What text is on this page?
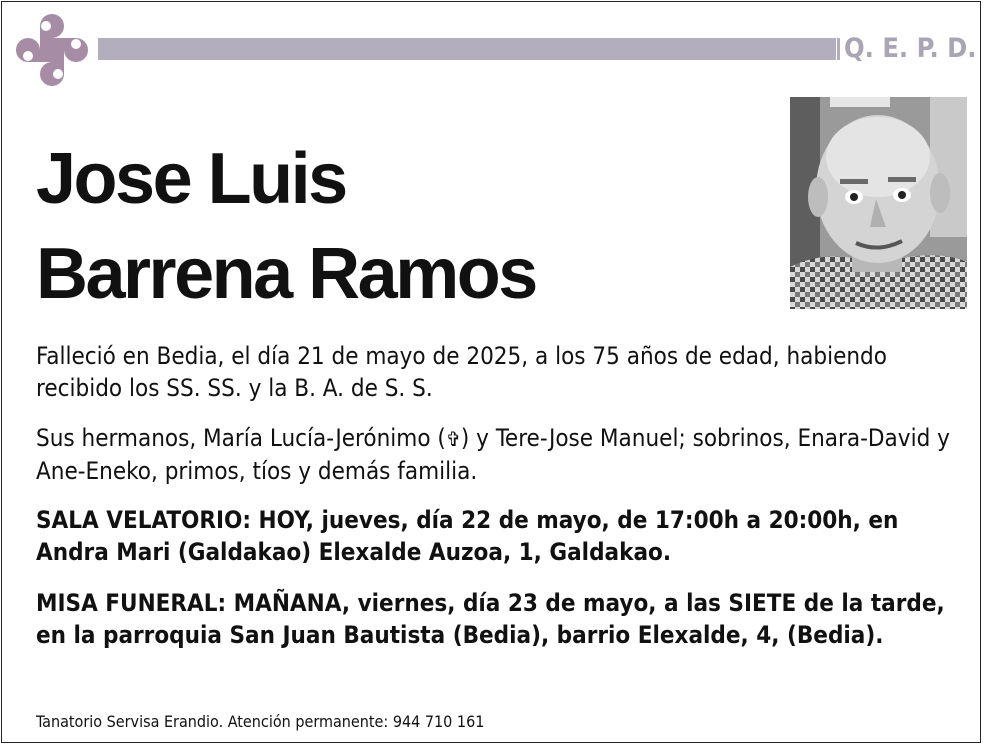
Q. E. P. D.
Jose Luis
Barrena Ramos
Falleció en Bedia, el día 21 de mayo de 2025, a los 75 años de edad, habiendo recibido los SS. SS. y la B. A. de S. S.
Sus hermanos, María Lucía-Jerónimo (✞) y Tere-Jose Manuel; sobrinos, Enara-David y Ane-Eneko, primos, tíos y demás familia.
SALA VELATORIO: HOY, jueves, día 22 de mayo, de 17:00h a 20:00h, en Andra Mari (Galdakao) Elexalde Auzoa, 1, Galdakao.
MISA FUNERAL: MAÑANA, viernes, día 23 de mayo, a las SIETE de la tarde, en la parroquia San Juan Bautista (Bedia), barrio Elexalde, 4, (Bedia).
Tanatorio Servisa Erandio. Atención permanente: 944 710 161
